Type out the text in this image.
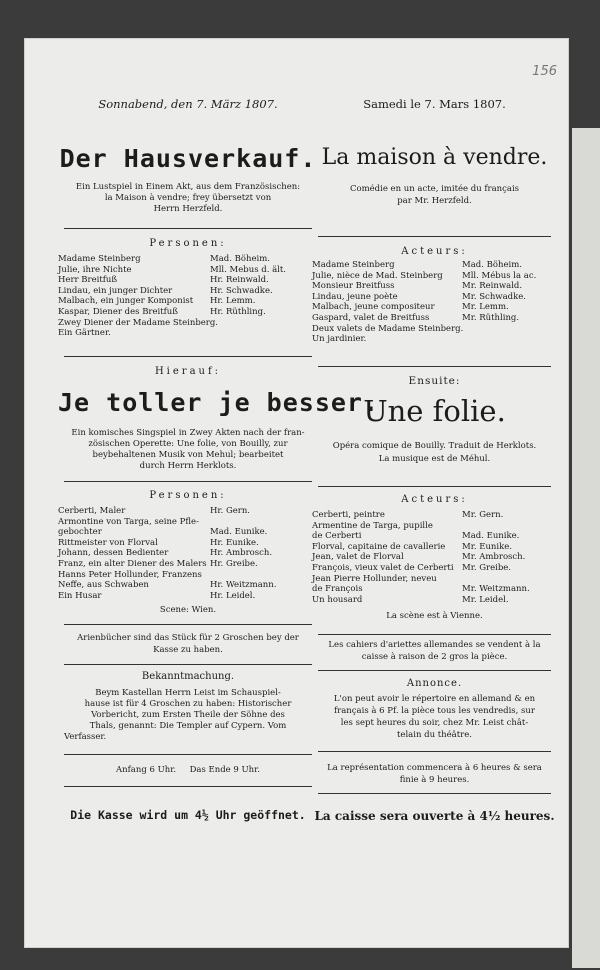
156
Sonnabend, den 7. März 1807.
Der Hausverkauf.
Ein Lustspiel in Einem Akt, aus dem Französischen:
la Maison à vendre; frey übersetzt von
Herrn Herzfeld.
Personen:
Madame Steinberg	Mad. Böheim.
Julie, ihre Nichte	Mll. Mebus d. ält.
Herr Breitfuß	Hr. Reinwald.
Lindau, ein junger Dichter	Hr. Schwadke.
Malbach, ein junger Komponist Hr. Lemm.
Kaspar, Diener des Breitfuß	Hr. Rüthling.
Zwey Diener der Madame Steinberg.
Ein Gärtner.
Hierauf:
Je toller je besser.
Ein komisches Singspiel in Zwey Akten nach der fran-
zösischen Operette: Une folie, von Bouilly, zur
beybehaltenen Musik von Mehul; bearbeitet
durch Herrn Herklots.
Personen:
Cerberti, Maler	Hr. Gern.
Armontine von Targa, seine Pfle-
gebochter	Mad. Eunike.
Rittmeister von Florval	Hr. Eunike.
Johann, dessen Bedienter	Hr. Ambrosch.
Franz, ein alter Diener des Malers Hr. Greibe.
Hanns Peter Hollunder, Franzens
Neffe, aus Schwaben	Hr. Weitzmann.
Ein Husar	Hr. Leidel.
Scene: Wien.
Arienbücher sind das Stück für 2 Groschen bey der
Kasse zu haben.
Bekanntmachung.
Beym Kastellan Herrn Leist im Schauspiel-
hause ist für 4 Groschen zu haben: Historischer
Vorbericht, zum Ersten Theile der Söhne des
Thals, genannt: Die Templer auf Cypern. Vom
Verfasser.
Anfang 6 Uhr.     Das Ende 9 Uhr.
Die Kasse wird um 4½ Uhr geöffnet.
Samedi le 7. Mars 1807.
La maison à vendre.
Comédie en un acte, imitée du français
par Mr. Herzfeld.
Acteurs:
Madame Steinberg	Mad. Böheim.
Julie, nièce de Mad. Steinberg Mll. Mébus la ac.
Monsieur Breitfuss	Mr. Reinwald.
Lindau, jeune poète	Mr. Schwadke.
Malbach, jeune compositeur	Mr. Lemm.
Gaspard, valet de Breitfuss	Mr. Rüthling.
Deux valets de Madame Steinberg.
Un jardinier.
Ensuite:
Une folie.
Opéra comique de Bouilly. Traduit de Herklots.
La musique est de Méhul.
Acteurs:
Cerberti, peintre	Mr. Gern.
Armentine de Targa, pupille
de Cerberti	Mad. Eunike.
Florval, capitaine de cavallerie Mr. Eunike.
Jean, valet de Florval	Mr. Ambrosch.
François, vieux valet de Cerberti Mr. Greibe.
Jean Pierre Hollunder, neveu
de François	Mr. Weitzmann.
Un housard	Mr. Leidel.
La scène est à Vienne.
Les cahiers d'ariettes allemandes se vendent à la
caisse à raison de 2 gros la pièce.
Annonce.
L'on peut avoir le répertoire en allemand & en
français à 6 Pf. la pièce tous les vendredis, sur
les sept heures du soir, chez Mr. Leist chât-
telain du théâtre.
La représentation commencera à 6 heures & sera
finie à 9 heures.
La caisse sera ouverte à 4½ heures.
